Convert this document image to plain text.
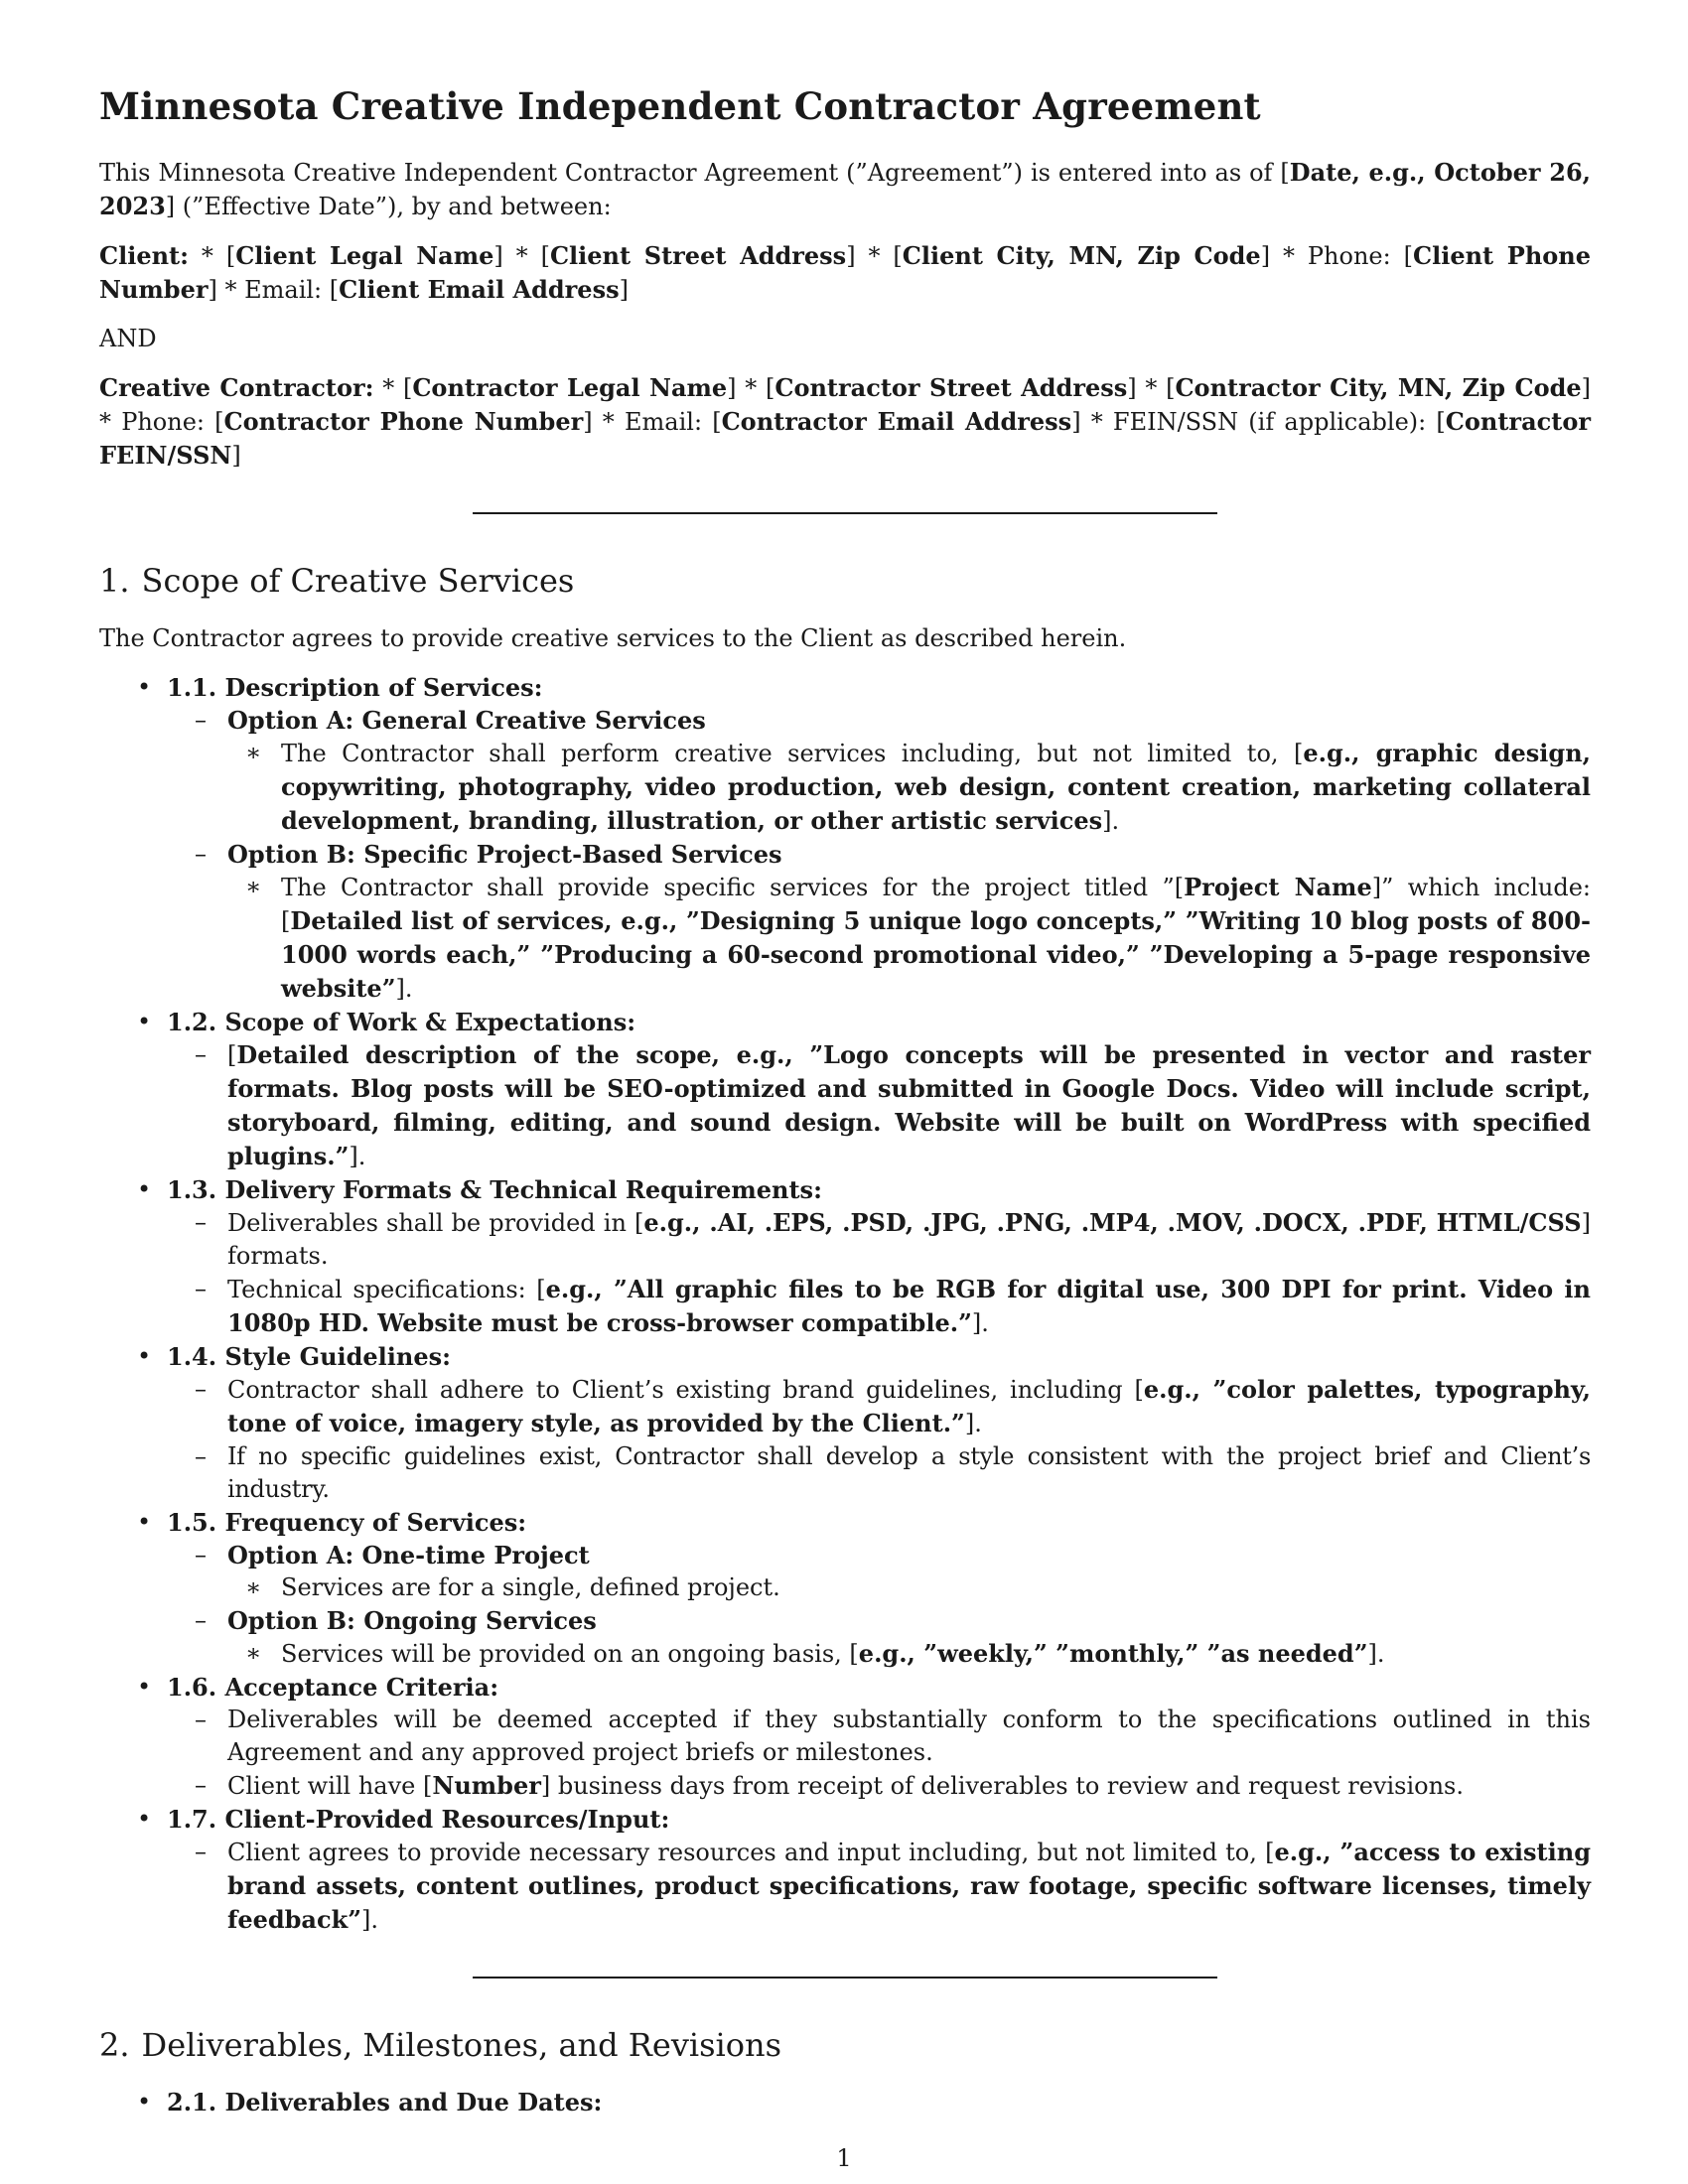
Minnesota Creative Independent Contractor Agreement

This Minnesota Creative Independent Contractor Agreement (”Agreement”) is entered into as of [Date, e.g., October 26, 2023] (”Effective Date”), by and between:

Client: * [Client Legal Name] * [Client Street Address] * [Client City, MN, Zip Code] * Phone: [Client Phone Number] * Email: [Client Email Address]

AND

Creative Contractor: * [Contractor Legal Name] * [Contractor Street Address] * [Contractor City, MN, Zip Code] * Phone: [Contractor Phone Number] * Email: [Contractor Email Address] * FEIN/SSN (if applicable): [Contractor FEIN/SSN]

1. Scope of Creative Services

The Contractor agrees to provide creative services to the Client as described herein.

• 1.1. Description of Services:
– Option A: General Creative Services
∗ The Contractor shall perform creative services including, but not limited to, [e.g., graphic design, copywriting, photography, video production, web design, content creation, marketing collateral development, branding, illustration, or other artistic services].
– Option B: Specific Project-Based Services
∗ The Contractor shall provide specific services for the project titled ”[Project Name]” which include: [Detailed list of services, e.g., ”Designing 5 unique logo concepts,” ”Writing 10 blog posts of 800-1000 words each,” ”Producing a 60-second promotional video,” ”Developing a 5-page responsive website”].
• 1.2. Scope of Work & Expectations:
– [Detailed description of the scope, e.g., ”Logo concepts will be presented in vector and raster formats. Blog posts will be SEO-optimized and submitted in Google Docs. Video will include script, storyboard, filming, editing, and sound design. Website will be built on WordPress with specified plugins.”].
• 1.3. Delivery Formats & Technical Requirements:
– Deliverables shall be provided in [e.g., .AI, .EPS, .PSD, .JPG, .PNG, .MP4, .MOV, .DOCX, .PDF, HTML/CSS] formats.
– Technical specifications: [e.g., ”All graphic files to be RGB for digital use, 300 DPI for print. Video in 1080p HD. Website must be cross-browser compatible.”].
• 1.4. Style Guidelines:
– Contractor shall adhere to Client’s existing brand guidelines, including [e.g., ”color palettes, typography, tone of voice, imagery style, as provided by the Client.”].
– If no specific guidelines exist, Contractor shall develop a style consistent with the project brief and Client’s industry.
• 1.5. Frequency of Services:
– Option A: One-time Project
∗ Services are for a single, defined project.
– Option B: Ongoing Services
∗ Services will be provided on an ongoing basis, [e.g., ”weekly,” ”monthly,” ”as needed”].
• 1.6. Acceptance Criteria:
– Deliverables will be deemed accepted if they substantially conform to the specifications outlined in this Agreement and any approved project briefs or milestones.
– Client will have [Number] business days from receipt of deliverables to review and request revisions.
• 1.7. Client-Provided Resources/Input:
– Client agrees to provide necessary resources and input including, but not limited to, [e.g., ”access to existing brand assets, content outlines, product specifications, raw footage, specific software licenses, timely feedback”].
2. Deliverables, Milestones, and Revisions
• 2.1. Deliverables and Due Dates:
1
